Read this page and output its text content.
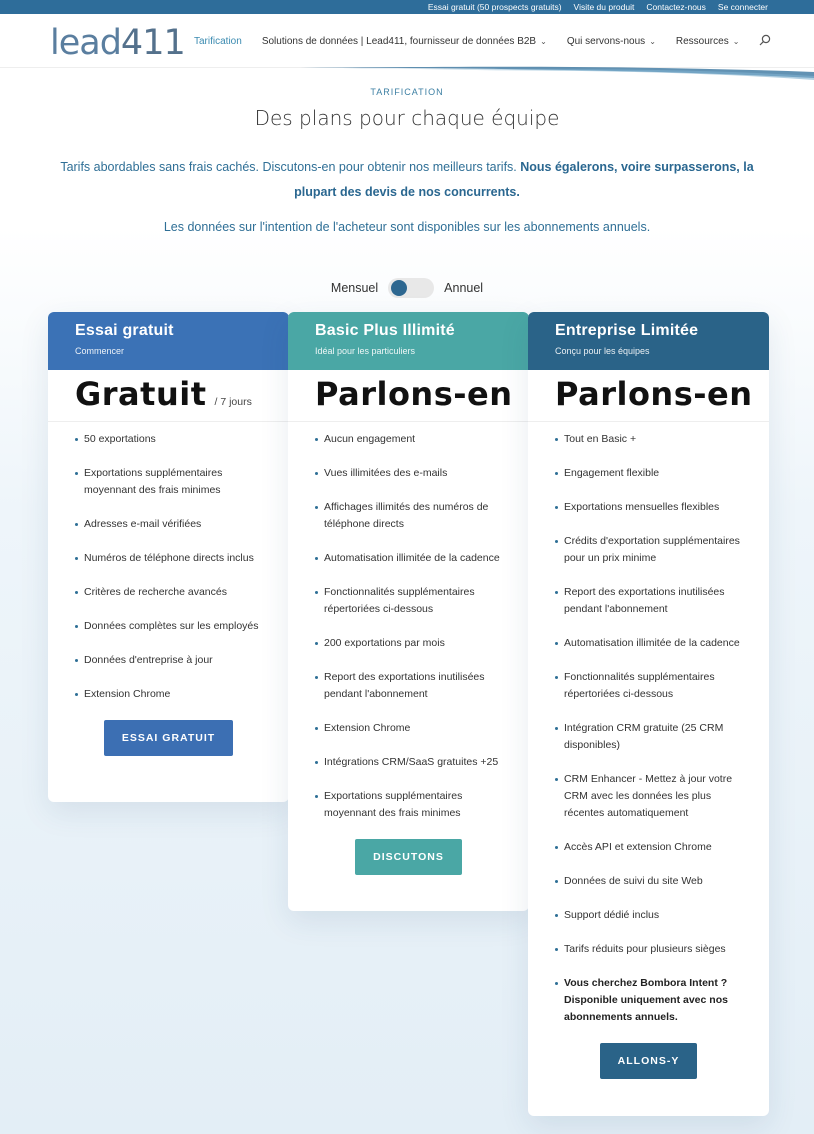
Essai gratuit (50 prospects gratuits) Visite du produit Contactez-nous Se connecter
lead411 Tarification Solutions de données | Lead411, fournisseur de données B2B ⌄ Qui servons-nous ⌄ Ressources ⌄
TARIFICATION
Des plans pour chaque équipe
Tarifs abordables sans frais cachés. Discutons-en pour obtenir nos meilleurs tarifs. Nous égalerons, voire surpasserons, la plupart des devis de nos concurrents.
Les données sur l'intention de l'acheteur sont disponibles sur les abonnements annuels.
Mensuel	Annuel
Essai gratuit
Commencer
Gratuit / 7 jours
50 exportations
Exportations supplémentaires moyennant des frais minimes
Adresses e-mail vérifiées
Numéros de téléphone directs inclus
Critères de recherche avancés
Données complètes sur les employés
Données d'entreprise à jour
Extension Chrome
ESSAI GRATUIT
Basic Plus Illimité
Idéal pour les particuliers
Parlons-en
Aucun engagement
Vues illimitées des e-mails
Affichages illimités des numéros de téléphone directs
Automatisation illimitée de la cadence
Fonctionnalités supplémentaires répertoriées ci-dessous
200 exportations par mois
Report des exportations inutilisées pendant l'abonnement
Extension Chrome
Intégrations CRM/SaaS gratuites +25
Exportations supplémentaires moyennant des frais minimes
DISCUTONS
Entreprise Limitée
Conçu pour les équipes
Parlons-en
Tout en Basic +
Engagement flexible
Exportations mensuelles flexibles
Crédits d'exportation supplémentaires pour un prix minime
Report des exportations inutilisées pendant l'abonnement
Automatisation illimitée de la cadence
Fonctionnalités supplémentaires répertoriées ci-dessous
Intégration CRM gratuite (25 CRM disponibles)
CRM Enhancer - Mettez à jour votre CRM avec les données les plus récentes automatiquement
Accès API et extension Chrome
Données de suivi du site Web
Support dédié inclus
Tarifs réduits pour plusieurs sièges
Vous cherchez Bombora Intent ? Disponible uniquement avec nos abonnements annuels.
ALLONS-Y
